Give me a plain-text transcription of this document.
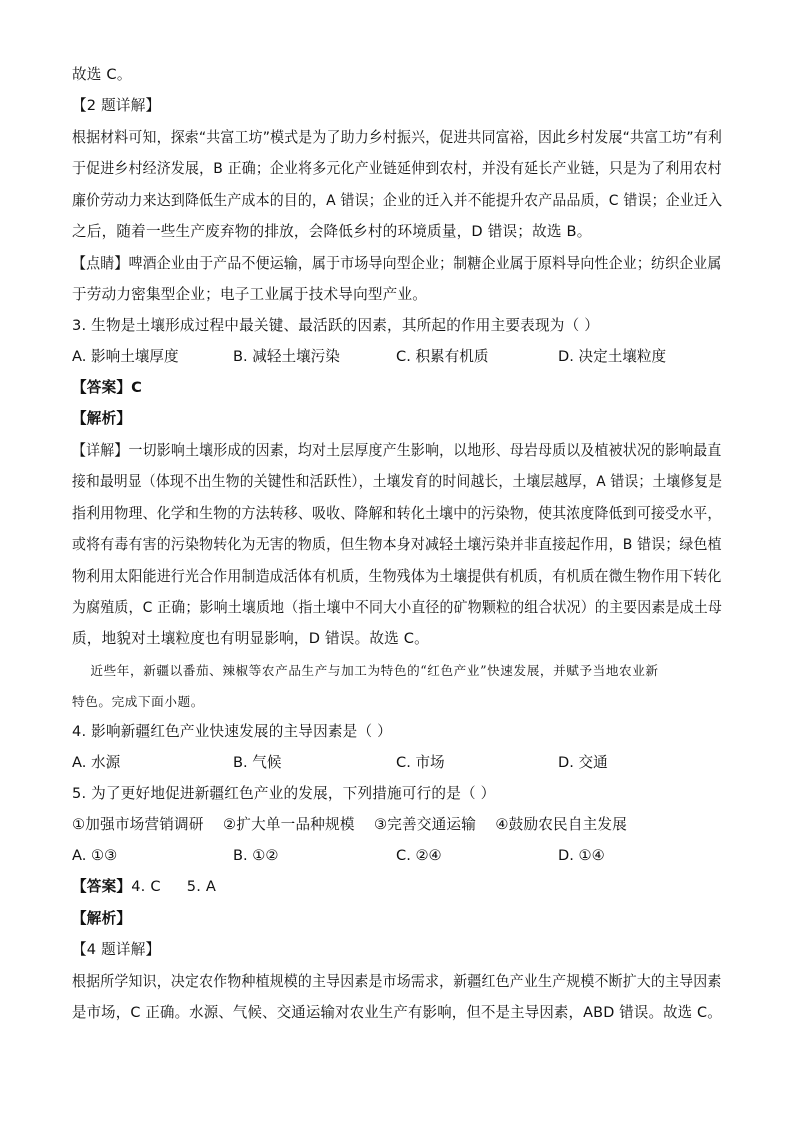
故选 C。
【2 题详解】
根据材料可知，探索“共富工坊”模式是为了助力乡村振兴，促进共同富裕，因此乡村发展“共富工坊”有利
于促进乡村经济发展，B 正确；企业将多元化产业链延伸到农村，并没有延长产业链，只是为了利用农村
廉价劳动力来达到降低生产成本的目的，A 错误；企业的迁入并不能提升农产品品质，C 错误；企业迁入
之后，随着一些生产废弃物的排放，会降低乡村的环境质量，D 错误；故选 B。
【点睛】啤酒企业由于产品不便运输，属于市场导向型企业；制糖企业属于原料导向性企业；纺织企业属
于劳动力密集型企业；电子工业属于技术导向型产业。
3. 生物是土壤形成过程中最关键、最活跃的因素，其所起的作用主要表现为（ ）
A. 影响土壤厚度	B. 减轻土壤污染	C. 积累有机质	D. 决定土壤粒度
【答案】C
【解析】
【详解】一切影响土壤形成的因素，均对土层厚度产生影响，以地形、母岩母质以及植被状况的影响最直
接和最明显（体现不出生物的关键性和活跃性），土壤发育的时间越长，土壤层越厚，A 错误；土壤修复是
指利用物理、化学和生物的方法转移、吸收、降解和转化土壤中的污染物，使其浓度降低到可接受水平，
或将有毒有害的污染物转化为无害的物质，但生物本身对减轻土壤污染并非直接起作用，B 错误；绿色植
物利用太阳能进行光合作用制造成活体有机质，生物残体为土壤提供有机质，有机质在微生物作用下转化
为腐殖质，C 正确；影响土壤质地（指土壤中不同大小直径的矿物颗粒的组合状况）的主要因素是成土母
质，地貌对土壤粒度也有明显影响，D 错误。故选 C。
近些年，新疆以番茄、辣椒等农产品生产与加工为特色的“红色产业”快速发展，并赋予当地农业新
特色。完成下面小题。
4. 影响新疆红色产业快速发展的主导因素是（ ）
A. 水源	B. 气候	C. 市场	D. 交通
5. 为了更好地促进新疆红色产业的发展，下列措施可行的是（ ）
①加强市场营销调研    ②扩大单一品种规模    ③完善交通运输    ④鼓励农民自主发展
A. ①③	B. ①②	C. ②④	D. ①④
【答案】4. C 5. A
【解析】
【4 题详解】
根据所学知识，决定农作物种植规模的主导因素是市场需求，新疆红色产业生产规模不断扩大的主导因素
是市场，C 正确。水源、气候、交通运输对农业生产有影响，但不是主导因素，ABD 错误。故选 C。
